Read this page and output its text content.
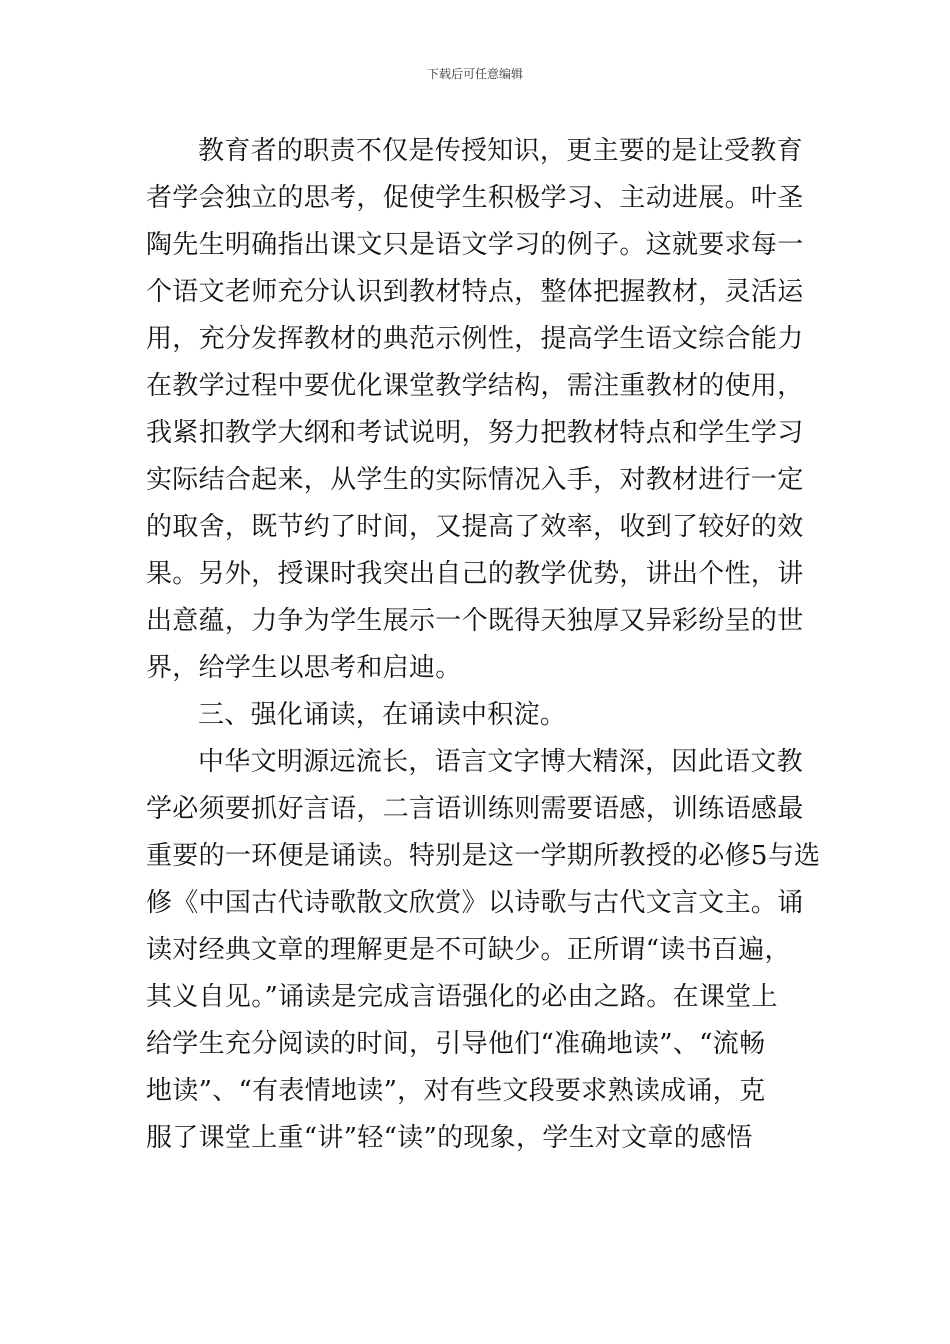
下载后可任意编辑
教育者的职责不仅是传授知识，更主要的是让受教育
者学会独立的思考，促使学生积极学习、主动进展。叶圣
陶先生明确指出课文只是语文学习的例子。这就要求每一
个语文老师充分认识到教材特点，整体把握教材，灵活运
用，充分发挥教材的典范示例性，提高学生语文综合能力
在教学过程中要优化课堂教学结构，需注重教材的使用，
我紧扣教学大纲和考试说明，努力把教材特点和学生学习
实际结合起来，从学生的实际情况入手，对教材进行一定
的取舍，既节约了时间，又提高了效率，收到了较好的效
果。另外，授课时我突出自己的教学优势，讲出个性，讲
出意蕴，力争为学生展示一个既得天独厚又异彩纷呈的世
界，给学生以思考和启迪。
三、强化诵读，在诵读中积淀。
中华文明源远流长，语言文字博大精深，因此语文教
学必须要抓好言语，二言语训练则需要语感，训练语感最
重要的一环便是诵读。特别是这一学期所教授的必修5与选
修《中国古代诗歌散文欣赏》以诗歌与古代文言文主。诵
读对经典文章的理解更是不可缺少。正所谓“读书百遍，
其义自见。”诵读是完成言语强化的必由之路。在课堂上
给学生充分阅读的时间，引导他们“准确地读”、“流畅
地读”、“有表情地读”，对有些文段要求熟读成诵，克
服了课堂上重“讲”轻“读”的现象，学生对文章的感悟
